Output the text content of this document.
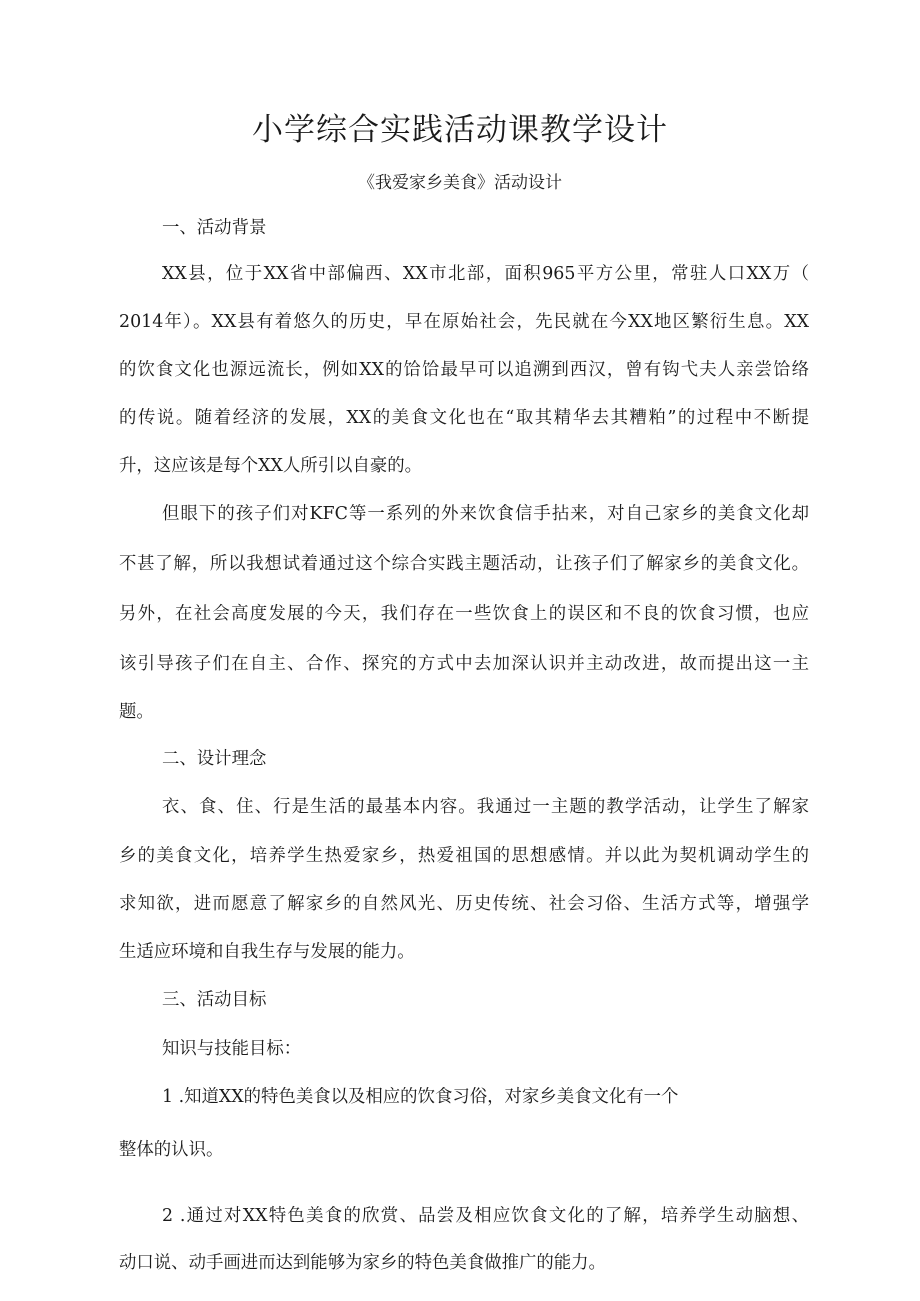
小学综合实践活动课教学设计

《我爱家乡美食》活动设计

一、活动背景

XX县，位于XX省中部偏西、XX市北部，面积965平方公里，常驻人口XX万（

2014年）。XX县有着悠久的历史，早在原始社会，先民就在今XX地区繁衍生息。XX

的饮食文化也源远流长，例如XX的饸饸最早可以追溯到西汉，曾有钩弋夫人亲尝饸络

的传说。随着经济的发展，XX的美食文化也在“取其精华去其糟粕”的过程中不断提

升，这应该是每个XX人所引以自豪的。

但眼下的孩子们对KFC等一系列的外来饮食信手拈来，对自己家乡的美食文化却

不甚了解，所以我想试着通过这个综合实践主题活动，让孩子们了解家乡的美食文化。

另外，在社会高度发展的今天，我们存在一些饮食上的误区和不良的饮食习惯，也应

该引导孩子们在自主、合作、探究的方式中去加深认识并主动改进，故而提出这一主

题。

二、设计理念

衣、食、住、行是生活的最基本内容。我通过一主题的教学活动，让学生了解家

乡的美食文化，培养学生热爱家乡，热爱祖国的思想感情。并以此为契机调动学生的

求知欲，进而愿意了解家乡的自然风光、历史传统、社会习俗、生活方式等，增强学

生适应环境和自我生存与发展的能力。

三、活动目标

知识与技能目标：

1 .知道XX的特色美食以及相应的饮食习俗，对家乡美食文化有一个

整体的认识。

2 .通过对XX特色美食的欣赏、品尝及相应饮食文化的了解，培养学生动脑想、

动口说、动手画进而达到能够为家乡的特色美食做推广的能力。
